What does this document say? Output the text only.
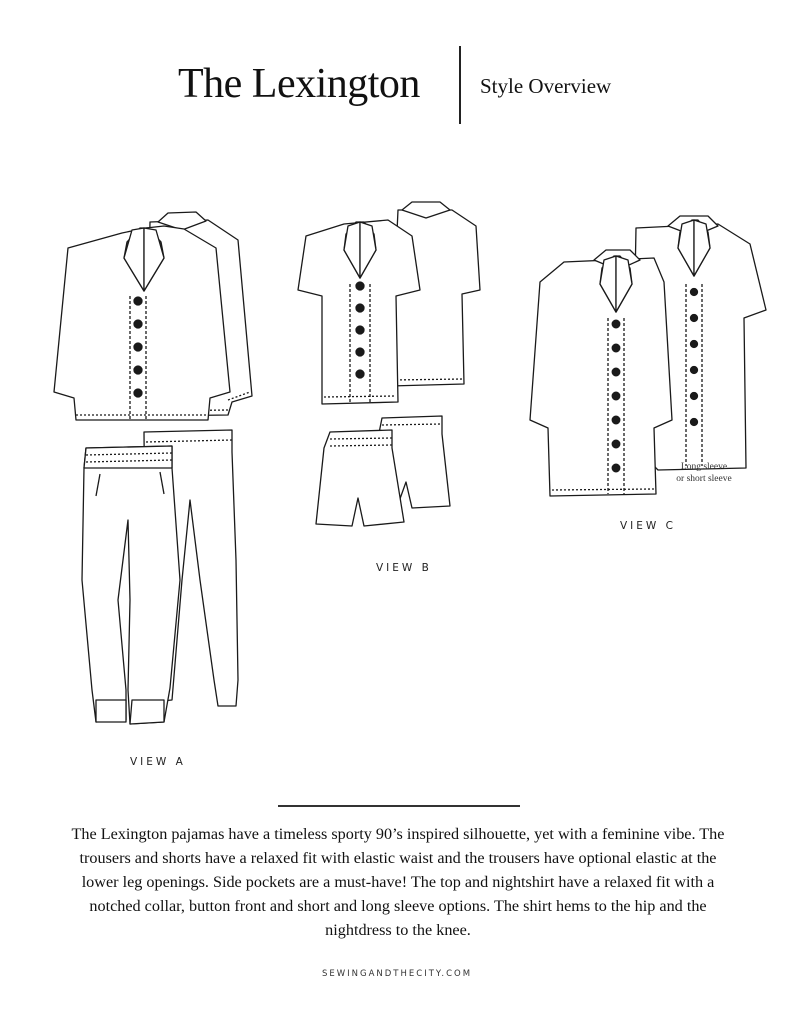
The Lexington	Style Overview
VIEW A
VIEW B
VIEW C
Long sleeve
or short sleeve

The Lexington pajamas have a timeless sporty 90’s inspired silhouette, yet with a feminine vibe. The trousers and shorts have a relaxed fit with elastic waist and the trousers have optional elastic at the lower leg openings. Side pockets are a must-have! The top and nightshirt have a relaxed fit with a notched collar, button front and short and long sleeve options. The shirt hems to the hip and the nightdress to the knee.

SEWINGANDTHECITY.COM
